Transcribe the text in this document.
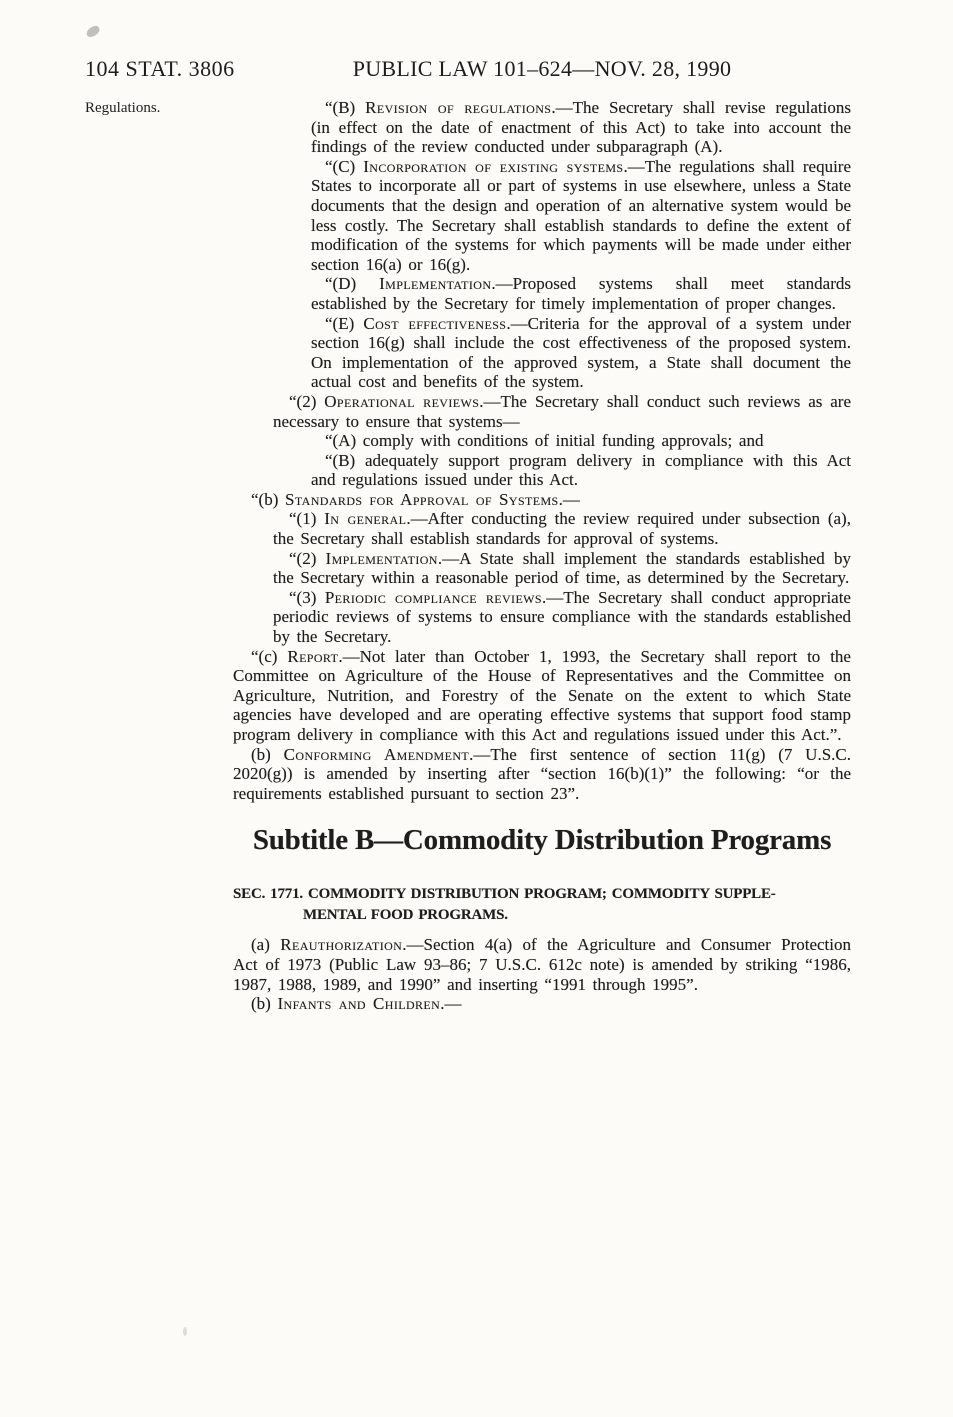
104 STAT. 3806	PUBLIC LAW 101–624—NOV. 28, 1990
Regulations.	“(B) Revision of regulations.—The Secretary shall revise regulations (in effect on the date of enactment of this Act) to take into account the findings of the review conducted under subparagraph (A).

“(C) Incorporation of existing systems.—The regulations shall require States to incorporate all or part of systems in use elsewhere, unless a State documents that the design and operation of an alternative system would be less costly. The Secretary shall establish standards to define the extent of modification of the systems for which payments will be made under either section 16(a) or 16(g).

“(D) Implementation.—Proposed systems shall meet standards established by the Secretary for timely implementation of proper changes.

“(E) Cost effectiveness.—Criteria for the approval of a system under section 16(g) shall include the cost effectiveness of the proposed system. On implementation of the approved system, a State shall document the actual cost and benefits of the system.

“(2) Operational reviews.—The Secretary shall conduct such reviews as are necessary to ensure that systems—

“(A) comply with conditions of initial funding approvals; and

“(B) adequately support program delivery in compliance with this Act and regulations issued under this Act.

“(b) Standards for Approval of Systems.—

“(1) In general.—After conducting the review required under subsection (a), the Secretary shall establish standards for approval of systems.

“(2) Implementation.—A State shall implement the standards established by the Secretary within a reasonable period of time, as determined by the Secretary.

“(3) Periodic compliance reviews.—The Secretary shall conduct appropriate periodic reviews of systems to ensure compliance with the standards established by the Secretary.

“(c) Report.—Not later than October 1, 1993, the Secretary shall report to the Committee on Agriculture of the House of Representatives and the Committee on Agriculture, Nutrition, and Forestry of the Senate on the extent to which State agencies have developed and are operating effective systems that support food stamp program delivery in compliance with this Act and regulations issued under this Act.”.

(b) Conforming Amendment.—The first sentence of section 11(g) (7 U.S.C. 2020(g)) is amended by inserting after “section 16(b)(1)” the following: “or the requirements established pursuant to section 23”.

Subtitle B—Commodity Distribution Programs
SEC. 1771. COMMODITY DISTRIBUTION PROGRAM; COMMODITY SUPPLE-
MENTAL FOOD PROGRAMS.

(a) Reauthorization.—Section 4(a) of the Agriculture and Consumer Protection Act of 1973 (Public Law 93–86; 7 U.S.C. 612c note) is amended by striking “1986, 1987, 1988, 1989, and 1990” and inserting “1991 through 1995”.

(b) Infants and Children.—
